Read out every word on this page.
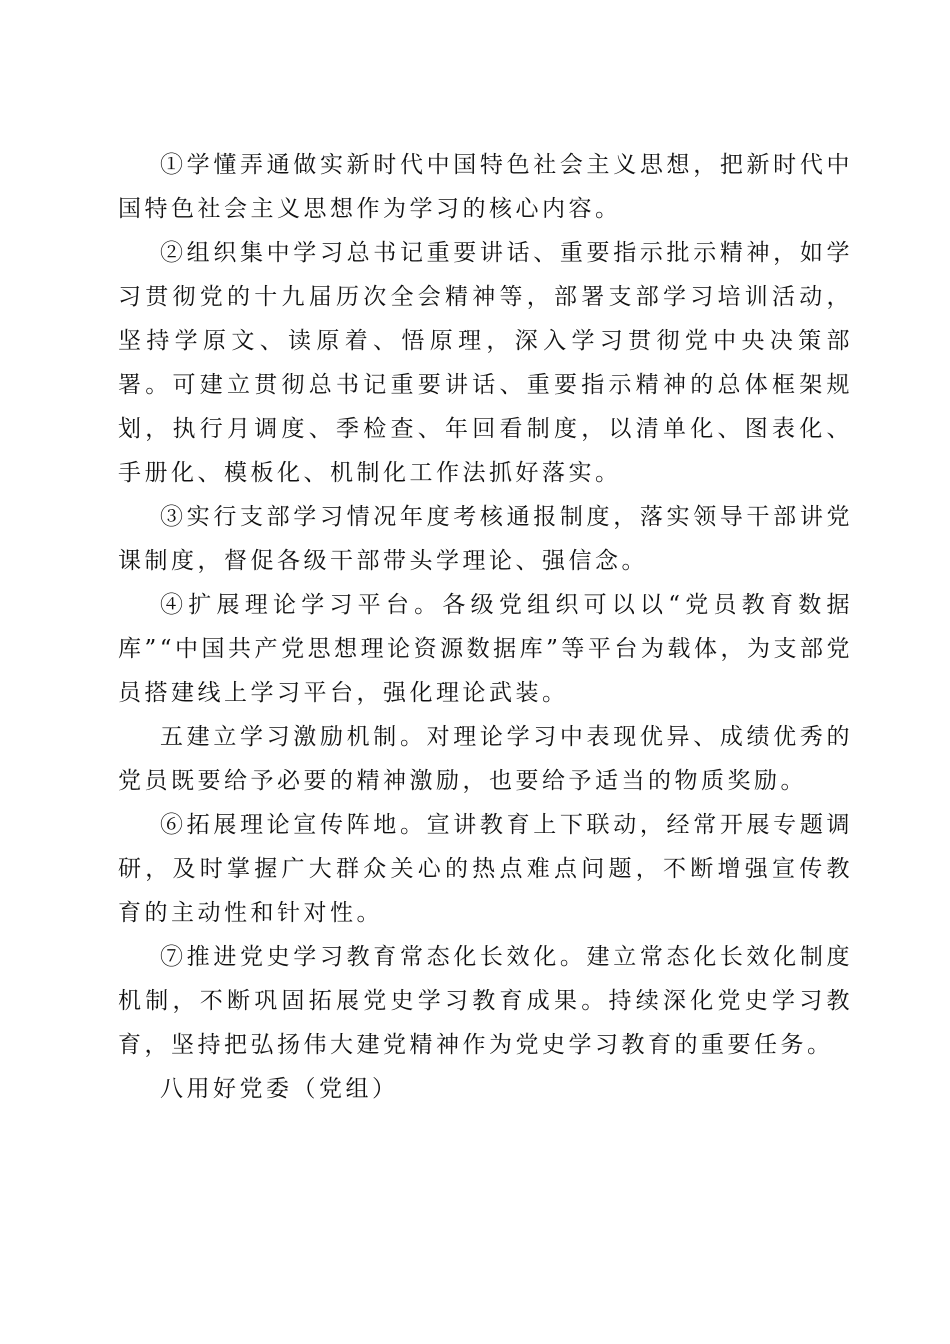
①学懂弄通做实新时代中国特色社会主义思想，把新时代中国特色社会主义思想作为学习的核心内容。

②组织集中学习总书记重要讲话、重要指示批示精神，如学习贯彻党的十九届历次全会精神等，部署支部学习培训活动，坚持学原文、读原着、悟原理，深入学习贯彻党中央决策部署。可建立贯彻总书记重要讲话、重要指示精神的总体框架规划，执行月调度、季检查、年回看制度，以清单化、图表化、手册化、模板化、机制化工作法抓好落实。

③实行支部学习情况年度考核通报制度，落实领导干部讲党课制度，督促各级干部带头学理论、强信念。

④扩展理论学习平台。各级党组织可以以“党员教育数据库”“中国共产党思想理论资源数据库”等平台为载体，为支部党员搭建线上学习平台，强化理论武装。

五建立学习激励机制。对理论学习中表现优异、成绩优秀的党员既要给予必要的精神激励，也要给予适当的物质奖励。

⑥拓展理论宣传阵地。宣讲教育上下联动，经常开展专题调研，及时掌握广大群众关心的热点难点问题，不断增强宣传教育的主动性和针对性。

⑦推进党史学习教育常态化长效化。建立常态化长效化制度机制，不断巩固拓展党史学习教育成果。持续深化党史学习教育，坚持把弘扬伟大建党精神作为党史学习教育的重要任务。

八用好党委（党组）
